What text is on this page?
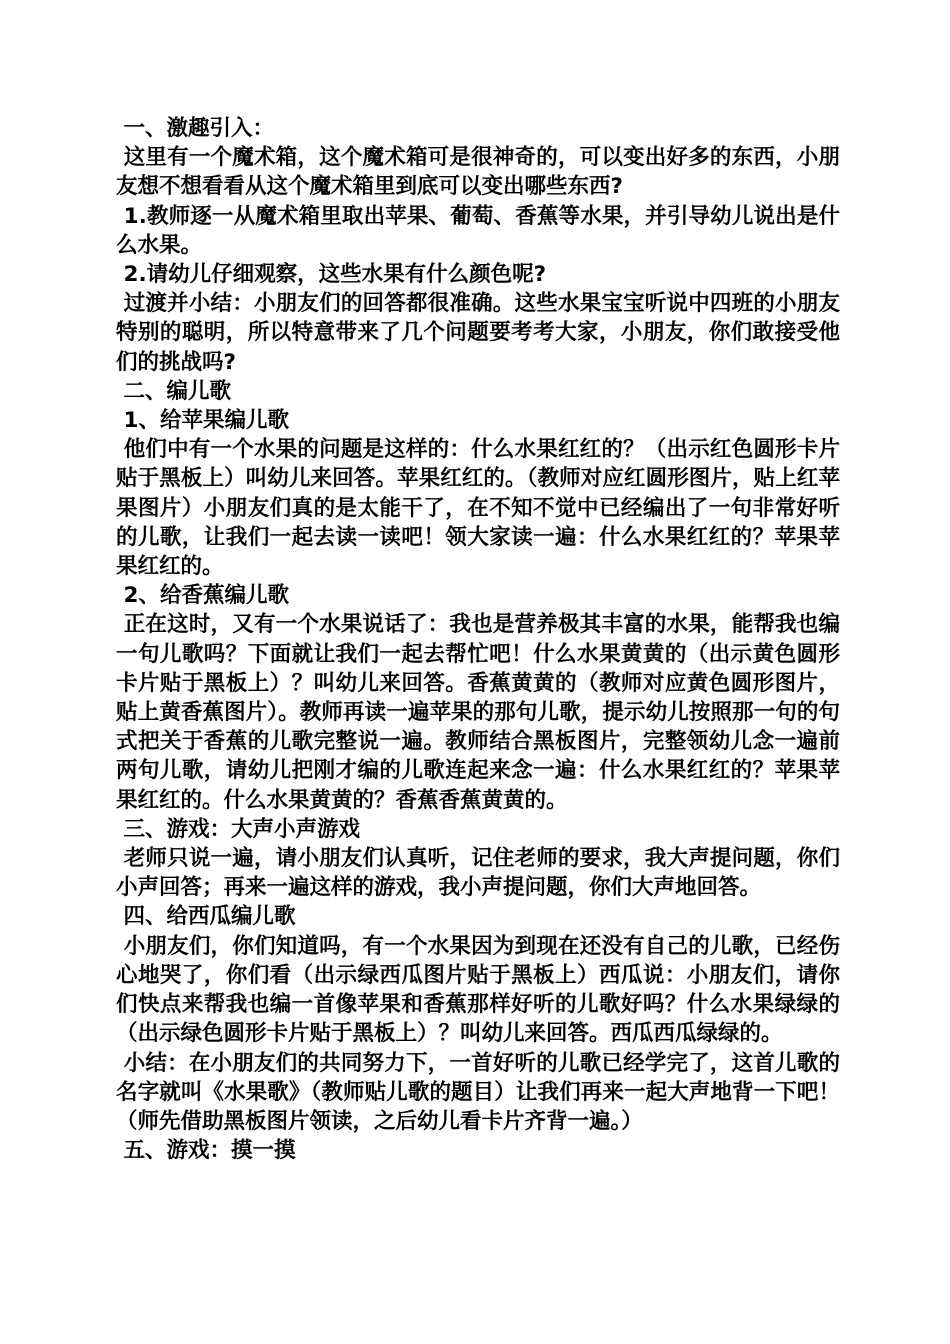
一、激趣引入：
这里有一个魔术箱，这个魔术箱可是很神奇的，可以变出好多的东西，小朋友想不想看看从这个魔术箱里到底可以变出哪些东西?
1.教师逐一从魔术箱里取出苹果、葡萄、香蕉等水果，并引导幼儿说出是什么水果。
2.请幼儿仔细观察，这些水果有什么颜色呢?
过渡并小结：小朋友们的回答都很准确。这些水果宝宝听说中四班的小朋友特别的聪明，所以特意带来了几个问题要考考大家，小朋友，你们敢接受他们的挑战吗?
二、编儿歌
1、给苹果编儿歌
他们中有一个水果的问题是这样的：什么水果红红的？（出示红色圆形卡片贴于黑板上）叫幼儿来回答。苹果红红的。（教师对应红圆形图片，贴上红苹果图片）小朋友们真的是太能干了，在不知不觉中已经编出了一句非常好听的儿歌，让我们一起去读一读吧！领大家读一遍：什么水果红红的？苹果苹果红红的。
2、给香蕉编儿歌
正在这时，又有一个水果说话了：我也是营养极其丰富的水果，能帮我也编一句儿歌吗？下面就让我们一起去帮忙吧！什么水果黄黄的（出示黄色圆形卡片贴于黑板上）？叫幼儿来回答。香蕉黄黄的（教师对应黄色圆形图片，贴上黄香蕉图片）。教师再读一遍苹果的那句儿歌，提示幼儿按照那一句的句式把关于香蕉的儿歌完整说一遍。教师结合黑板图片，完整领幼儿念一遍前两句儿歌，请幼儿把刚才编的儿歌连起来念一遍：什么水果红红的？苹果苹果红红的。什么水果黄黄的？香蕉香蕉黄黄的。
三、游戏：大声小声游戏
老师只说一遍，请小朋友们认真听，记住老师的要求，我大声提问题，你们小声回答；再来一遍这样的游戏，我小声提问题，你们大声地回答。
四、给西瓜编儿歌
小朋友们，你们知道吗，有一个水果因为到现在还没有自己的儿歌，已经伤心地哭了，你们看（出示绿西瓜图片贴于黑板上）西瓜说：小朋友们，请你们快点来帮我也编一首像苹果和香蕉那样好听的儿歌好吗？什么水果绿绿的（出示绿色圆形卡片贴于黑板上）？叫幼儿来回答。西瓜西瓜绿绿的。
小结：在小朋友们的共同努力下，一首好听的儿歌已经学完了，这首儿歌的名字就叫《水果歌》（教师贴儿歌的题目）让我们再来一起大声地背一下吧！（师先借助黑板图片领读，之后幼儿看卡片齐背一遍。）
五、游戏：摸一摸
